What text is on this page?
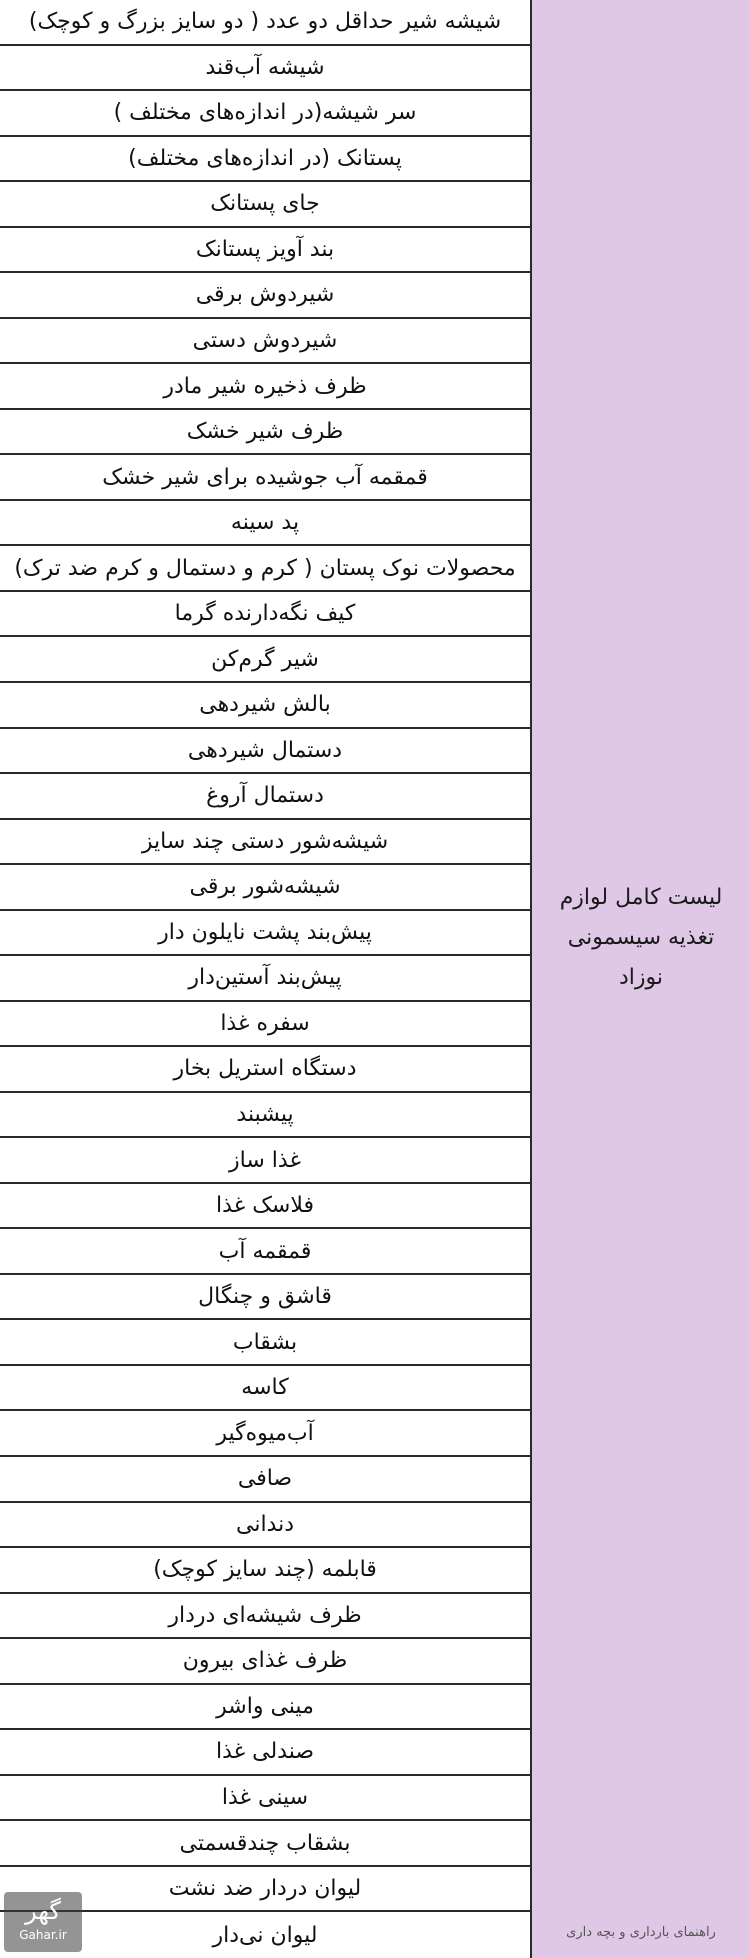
شیشه شیر حداقل دو عدد ( دو سایز بزرگ و کوچک)
شیشه آب‌قند
سر شیشه(در اندازه‌های مختلف )
پستانک (در اندازه‌های مختلف)
جای پستانک
بند آویز پستانک
شیردوش برقی
شیردوش دستی
ظرف ذخیره شیر مادر
ظرف شیر خشک
قمقمه آب جوشیده برای شیر خشک
پد سینه
محصولات نوک پستان ( کرم و دستمال و کرم ضد ترک)
کیف نگه‌دارنده گرما
شیر گرم‌کن
بالش شیردهی
دستمال شیردهی
دستمال آروغ
شیشه‌شور دستی چند سایز
شیشه‌شور برقی
پیش‌بند پشت نایلون دار
پیش‌بند آستین‌دار
سفره غذا
دستگاه استریل بخار
پیشبند
غذا ساز
فلاسک غذا
قمقمه آب
قاشق و چنگال
بشقاب
کاسه
آب‌میوه‌گیر
صافی
دندانی
قابلمه (چند سایز کوچک)
ظرف شیشه‌ای دردار
ظرف غذای بیرون
مینی واشر
صندلی غذا
سینی غذا
بشقاب چندقسمتی
لیوان دردار ضد نشت
لیوان نی‌دار
لیست کامل لوازم
تغذیه سیسمونی
نوزاد
راهنمای بارداری و بچه داری
گهر
Gahar.ir
